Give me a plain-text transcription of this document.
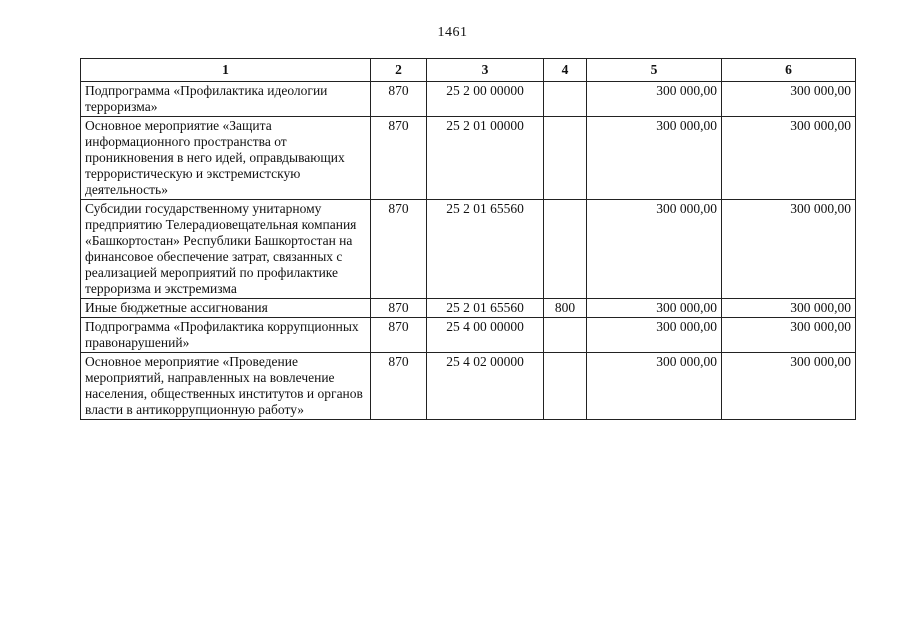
1461
1	2	3	4	5	6
Подпрограмма «Профилактика идеологии терроризма»	870	25 2 00 00000		300 000,00	300 000,00
Основное мероприятие «Защита информационного пространства от проникновения в него идей, оправдывающих террористическую и экстремистскую деятельность»	870	25 2 01 00000		300 000,00	300 000,00
Субсидии государственному унитарному предприятию Телерадиовещательная компания «Башкортостан» Республики Башкортостан на финансовое обеспечение затрат, связанных с реализацией мероприятий по профилактике терроризма и экстремизма	870	25 2 01 65560		300 000,00	300 000,00
Иные бюджетные ассигнования	870	25 2 01 65560	800	300 000,00	300 000,00
Подпрограмма «Профилактика коррупционных правонарушений»	870	25 4 00 00000		300 000,00	300 000,00
Основное мероприятие «Проведение мероприятий, направленных на вовлечение населения, общественных институтов и органов власти в антикоррупционную работу»	870	25 4 02 00000		300 000,00	300 000,00
